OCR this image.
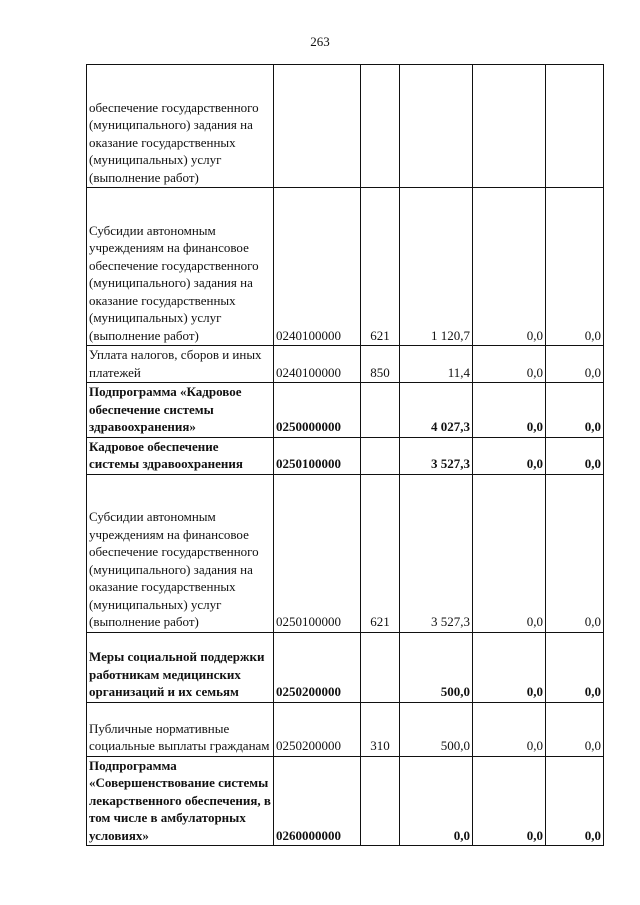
263
обеспечение государственного (муниципального) задания на оказание государственных (муниципальных) услуг (выполнение работ)					
Субсидии автономным учреждениям на финансовое обеспечение государственного (муниципального) задания на оказание государственных (муниципальных) услуг (выполнение работ)	0240100000	621	1 120,7	0,0	0,0
Уплата налогов, сборов и иных платежей	0240100000	850	11,4	0,0	0,0
Подпрограмма «Кадровое обеспечение системы здравоохранения»	0250000000		4 027,3	0,0	0,0
Кадровое обеспечение системы здравоохранения	0250100000		3 527,3	0,0	0,0
Субсидии автономным учреждениям на финансовое обеспечение государственного (муниципального) задания на оказание государственных (муниципальных) услуг (выполнение работ)	0250100000	621	3 527,3	0,0	0,0
Меры социальной поддержки работникам медицинских организаций и их семьям	0250200000		500,0	0,0	0,0
Публичные нормативные социальные выплаты гражданам	0250200000	310	500,0	0,0	0,0
Подпрограмма «Совершенствование системы лекарственного обеспечения, в том числе в амбулаторных условиях»	0260000000		0,0	0,0	0,0
